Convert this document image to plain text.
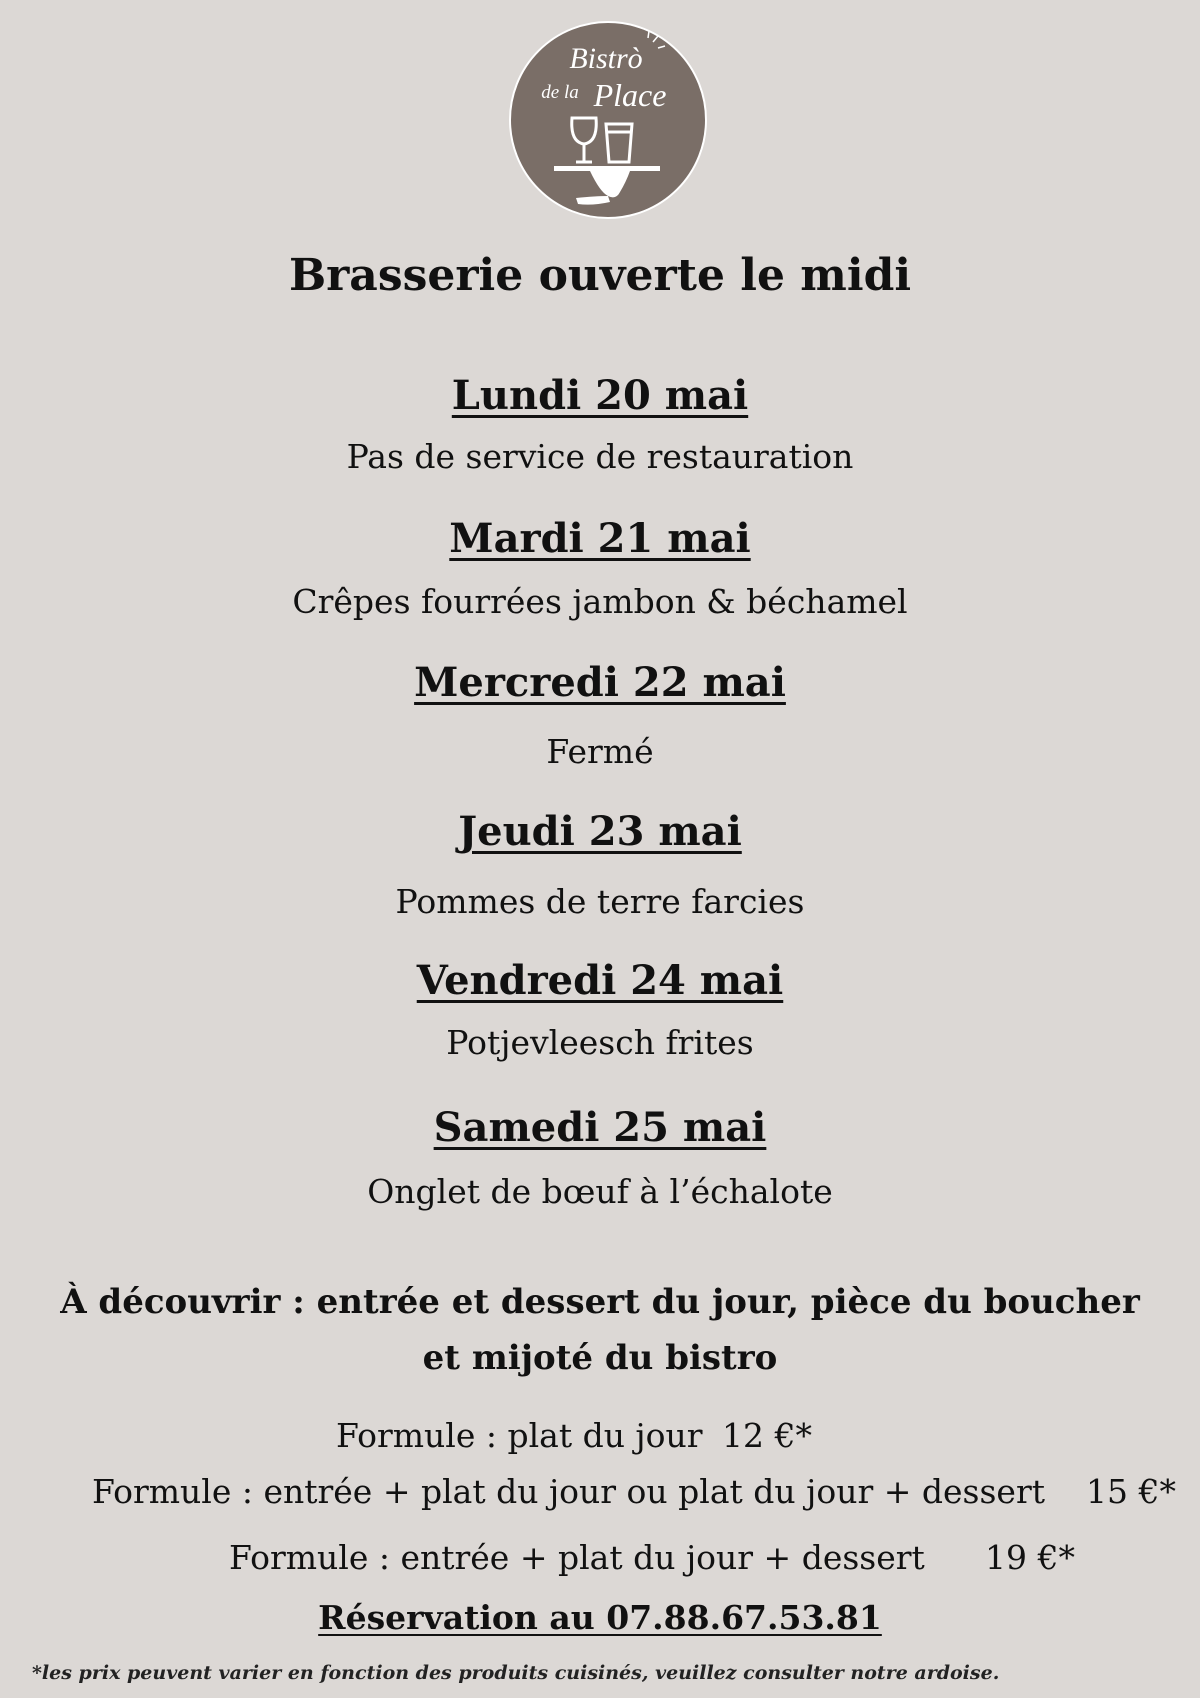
Bistrò
de la Place
Brasserie ouverte le midi
Lundi 20 mai
Pas de service de restauration
Mardi 21 mai
Crêpes fourrées jambon & béchamel
Mercredi 22 mai
Fermé
Jeudi 23 mai
Pommes de terre farcies
Vendredi 24 mai
Potjevleesch frites
Samedi 25 mai
Onglet de bœuf à l’échalote
À découvrir : entrée et dessert du jour, pièce du boucher et mijoté du bistro
Formule : plat du jour 12 €*
Formule : entrée + plat du jour ou plat du jour + dessert 15 €*
Formule : entrée + plat du jour + dessert 19 €*
Réservation au 07.88.67.53.81
*les prix peuvent varier en fonction des produits cuisinés, veuillez consulter notre ardoise.
